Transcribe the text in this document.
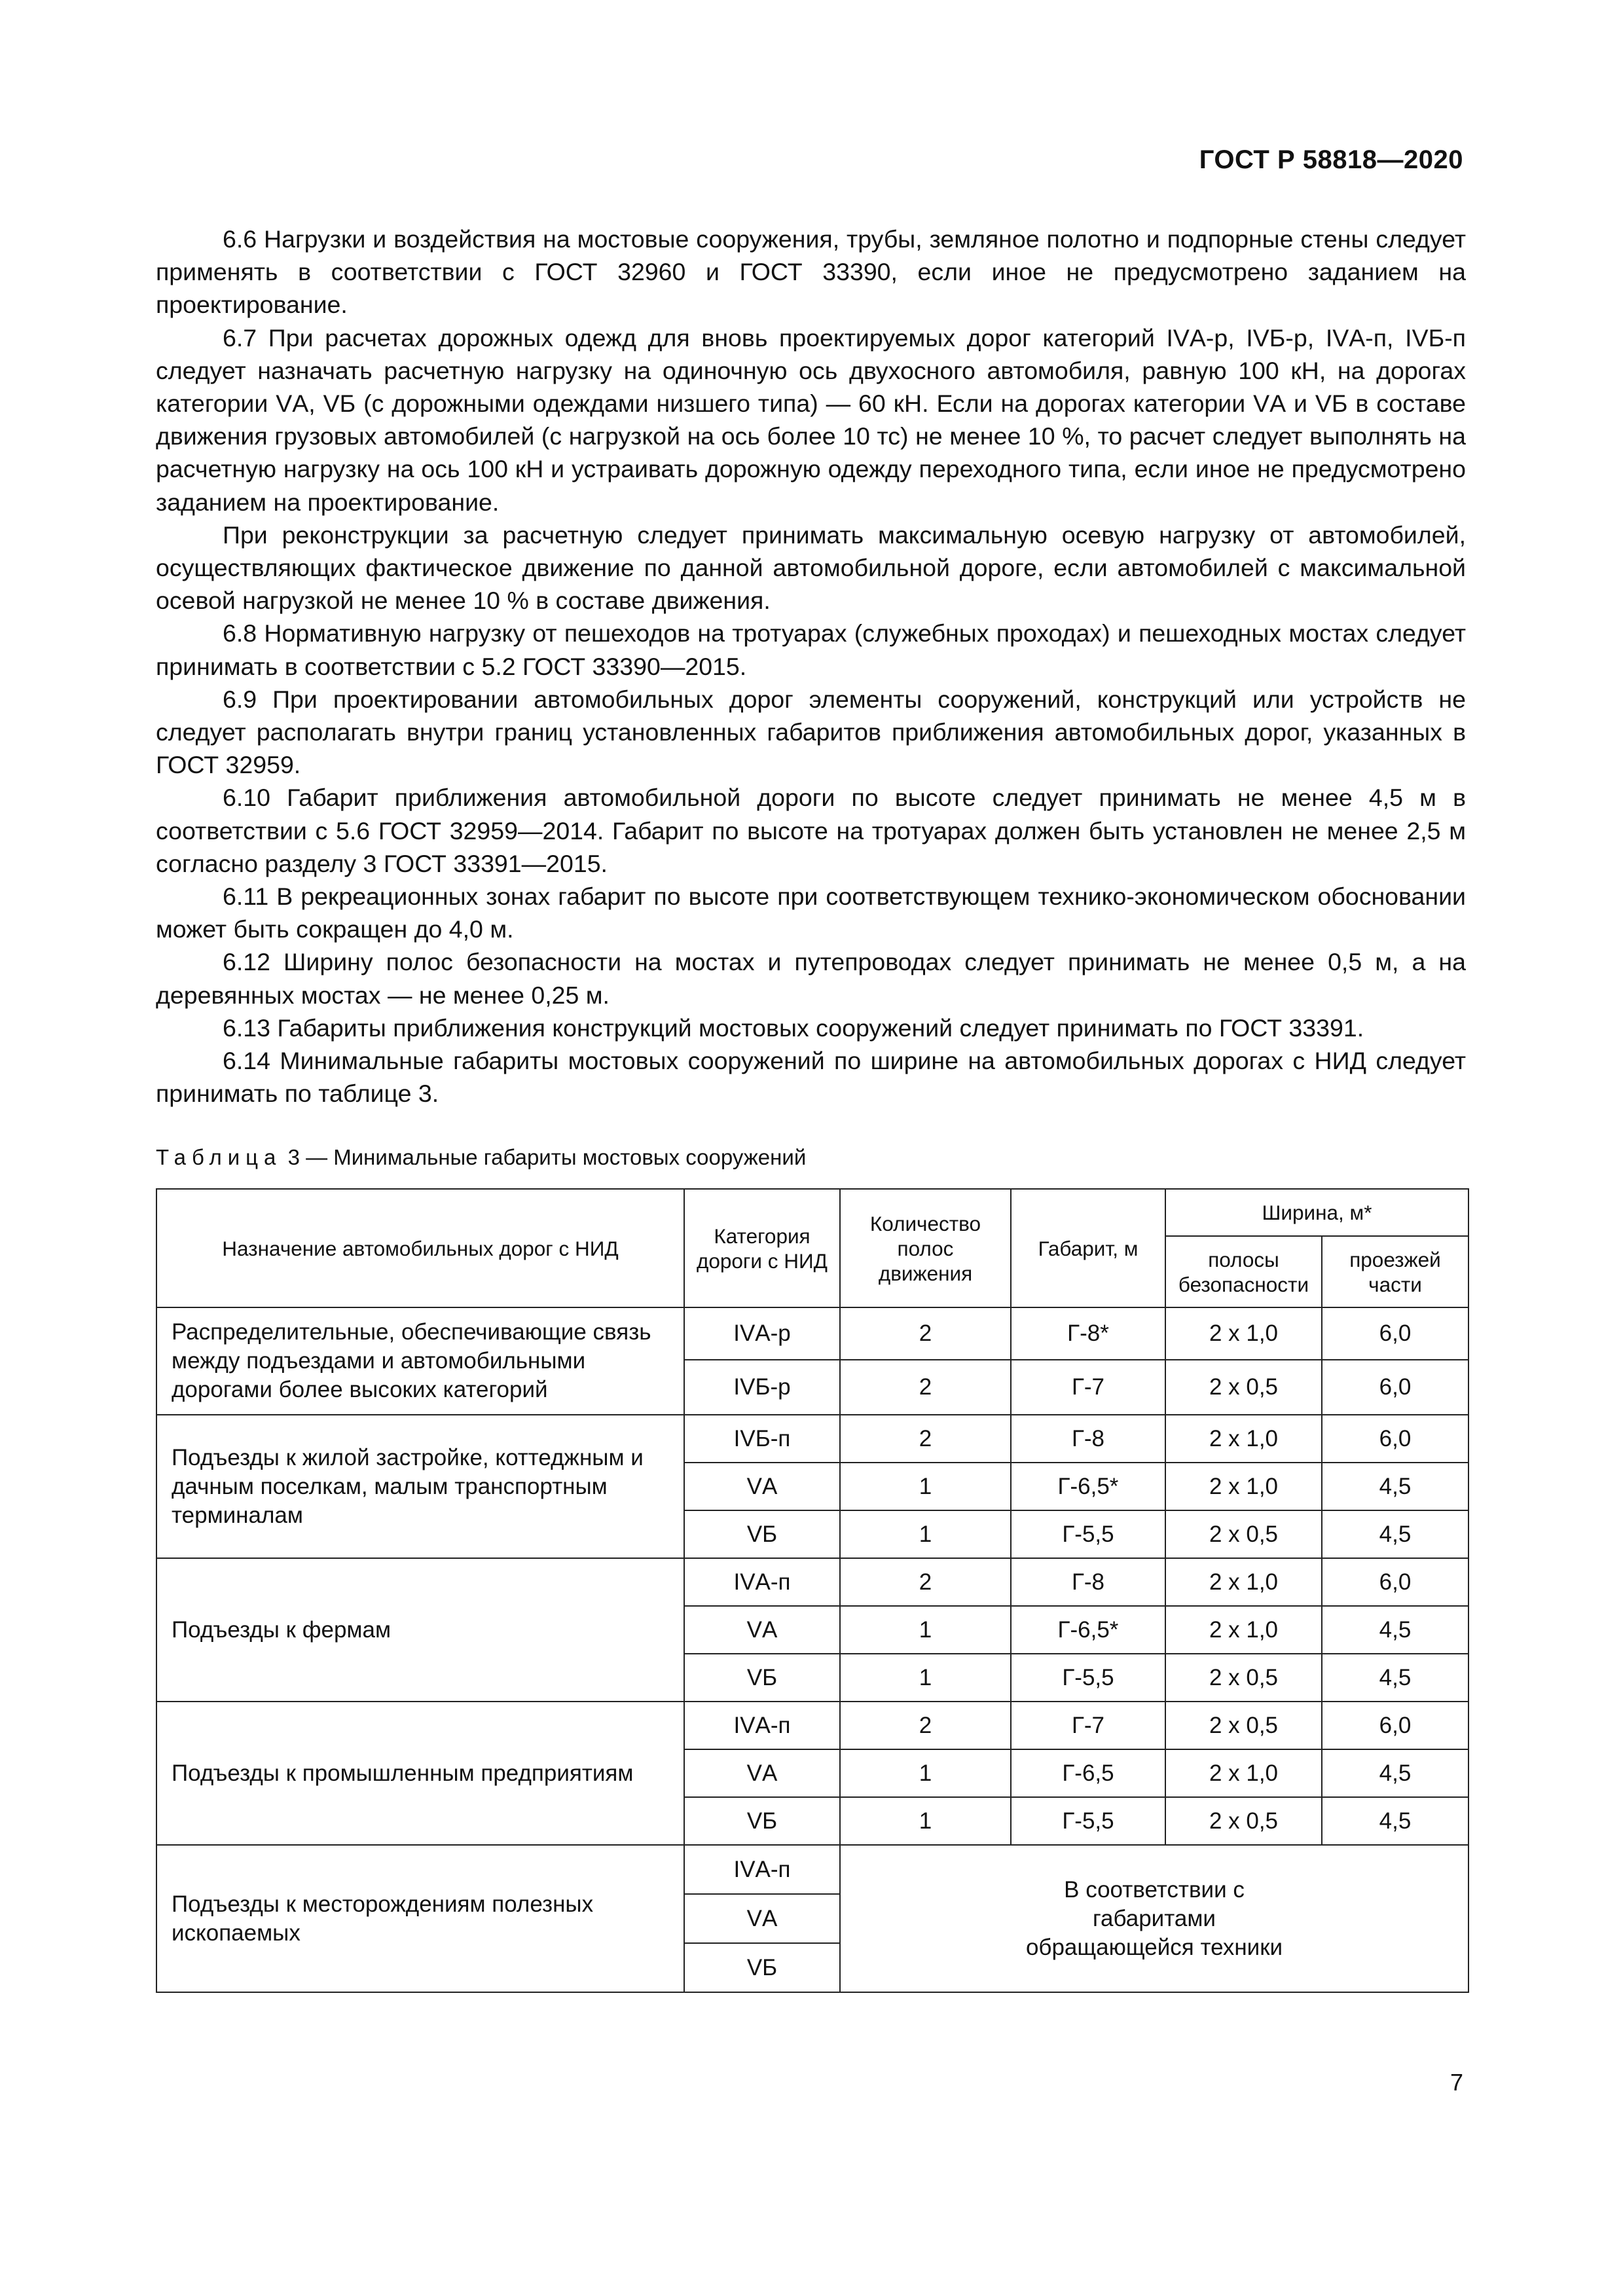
ГОСТ Р 58818—2020

6.6 Нагрузки и воздействия на мостовые сооружения, трубы, земляное полотно и подпорные стены следует применять в соответствии с ГОСТ 32960 и ГОСТ 33390, если иное не предусмотрено заданием на проектирование.

6.7 При расчетах дорожных одежд для вновь проектируемых дорог категорий IVА-р, IVБ-р, IVА-п, IVБ-п следует назначать расчетную нагрузку на одиночную ось двухосного автомобиля, равную 100 кН, на дорогах категории VА, VБ (с дорожными одеждами низшего типа) — 60 кН. Если на дорогах категории VА и VБ в составе движения грузовых автомобилей (с нагрузкой на ось более 10 тс) не менее 10 %, то расчет следует выполнять на расчетную нагрузку на ось 100 кН и устраивать дорожную одежду переходного типа, если иное не предусмотрено заданием на проектирование.

При реконструкции за расчетную следует принимать максимальную осевую нагрузку от автомобилей, осуществляющих фактическое движение по данной автомобильной дороге, если автомобилей с максимальной осевой нагрузкой не менее 10 % в составе движения.

6.8 Нормативную нагрузку от пешеходов на тротуарах (служебных проходах) и пешеходных мостах следует принимать в соответствии с 5.2 ГОСТ 33390—2015.

6.9 При проектировании автомобильных дорог элементы сооружений, конструкций или устройств не следует располагать внутри границ установленных габаритов приближения автомобильных дорог, указанных в ГОСТ 32959.

6.10 Габарит приближения автомобильной дороги по высоте следует принимать не менее 4,5 м в соответствии с 5.6 ГОСТ 32959—2014. Габарит по высоте на тротуарах должен быть установлен не менее 2,5 м согласно разделу 3 ГОСТ 33391—2015.

6.11 В рекреационных зонах габарит по высоте при соответствующем технико-экономическом обосновании может быть сокращен до 4,0 м.

6.12 Ширину полос безопасности на мостах и путепроводах следует принимать не менее 0,5 м, а на деревянных мостах — не менее 0,25 м.

6.13 Габариты приближения конструкций мостовых сооружений следует принимать по ГОСТ 33391.

6.14 Минимальные габариты мостовых сооружений по ширине на автомобильных дорогах с НИД следует принимать по таблице 3.

Таблица 3 — Минимальные габариты мостовых сооружений
Назначение автомобильных дорог с НИД	Категория дороги с НИД	Количество полос движения	Габарит, м	Ширина, м*	
				полосы безопасности	проезжей части
Распределительные, обеспечивающие связь между подъездами и автомобильными дорогами более высоких категорий	IVА-р	2	Г-8*	2 х 1,0	6,0
	IVБ-р	2	Г-7	2 х 0,5	6,0
Подъезды к жилой застройке, коттеджным и дачным поселкам, малым транспортным терминалам	IVБ-п	2	Г-8	2 х 1,0	6,0
	VА	1	Г-6,5*	2 х 1,0	4,5
	VБ	1	Г-5,5	2 х 0,5	4,5
Подъезды к фермам	IVА-п	2	Г-8	2 х 1,0	6,0
	VА	1	Г-6,5*	2 х 1,0	4,5
	VБ	1	Г-5,5	2 х 0,5	4,5
Подъезды к промышленным предприятиям	IVА-п	2	Г-7	2 х 0,5	6,0
	VА	1	Г-6,5	2 х 1,0	4,5
	VБ	1	Г-5,5	2 х 0,5	4,5
Подъезды к месторождениям полезных ископаемых	IVА-п	В соответствии с габаритами обращающейся техники			
	VА				
	VБ				
7
